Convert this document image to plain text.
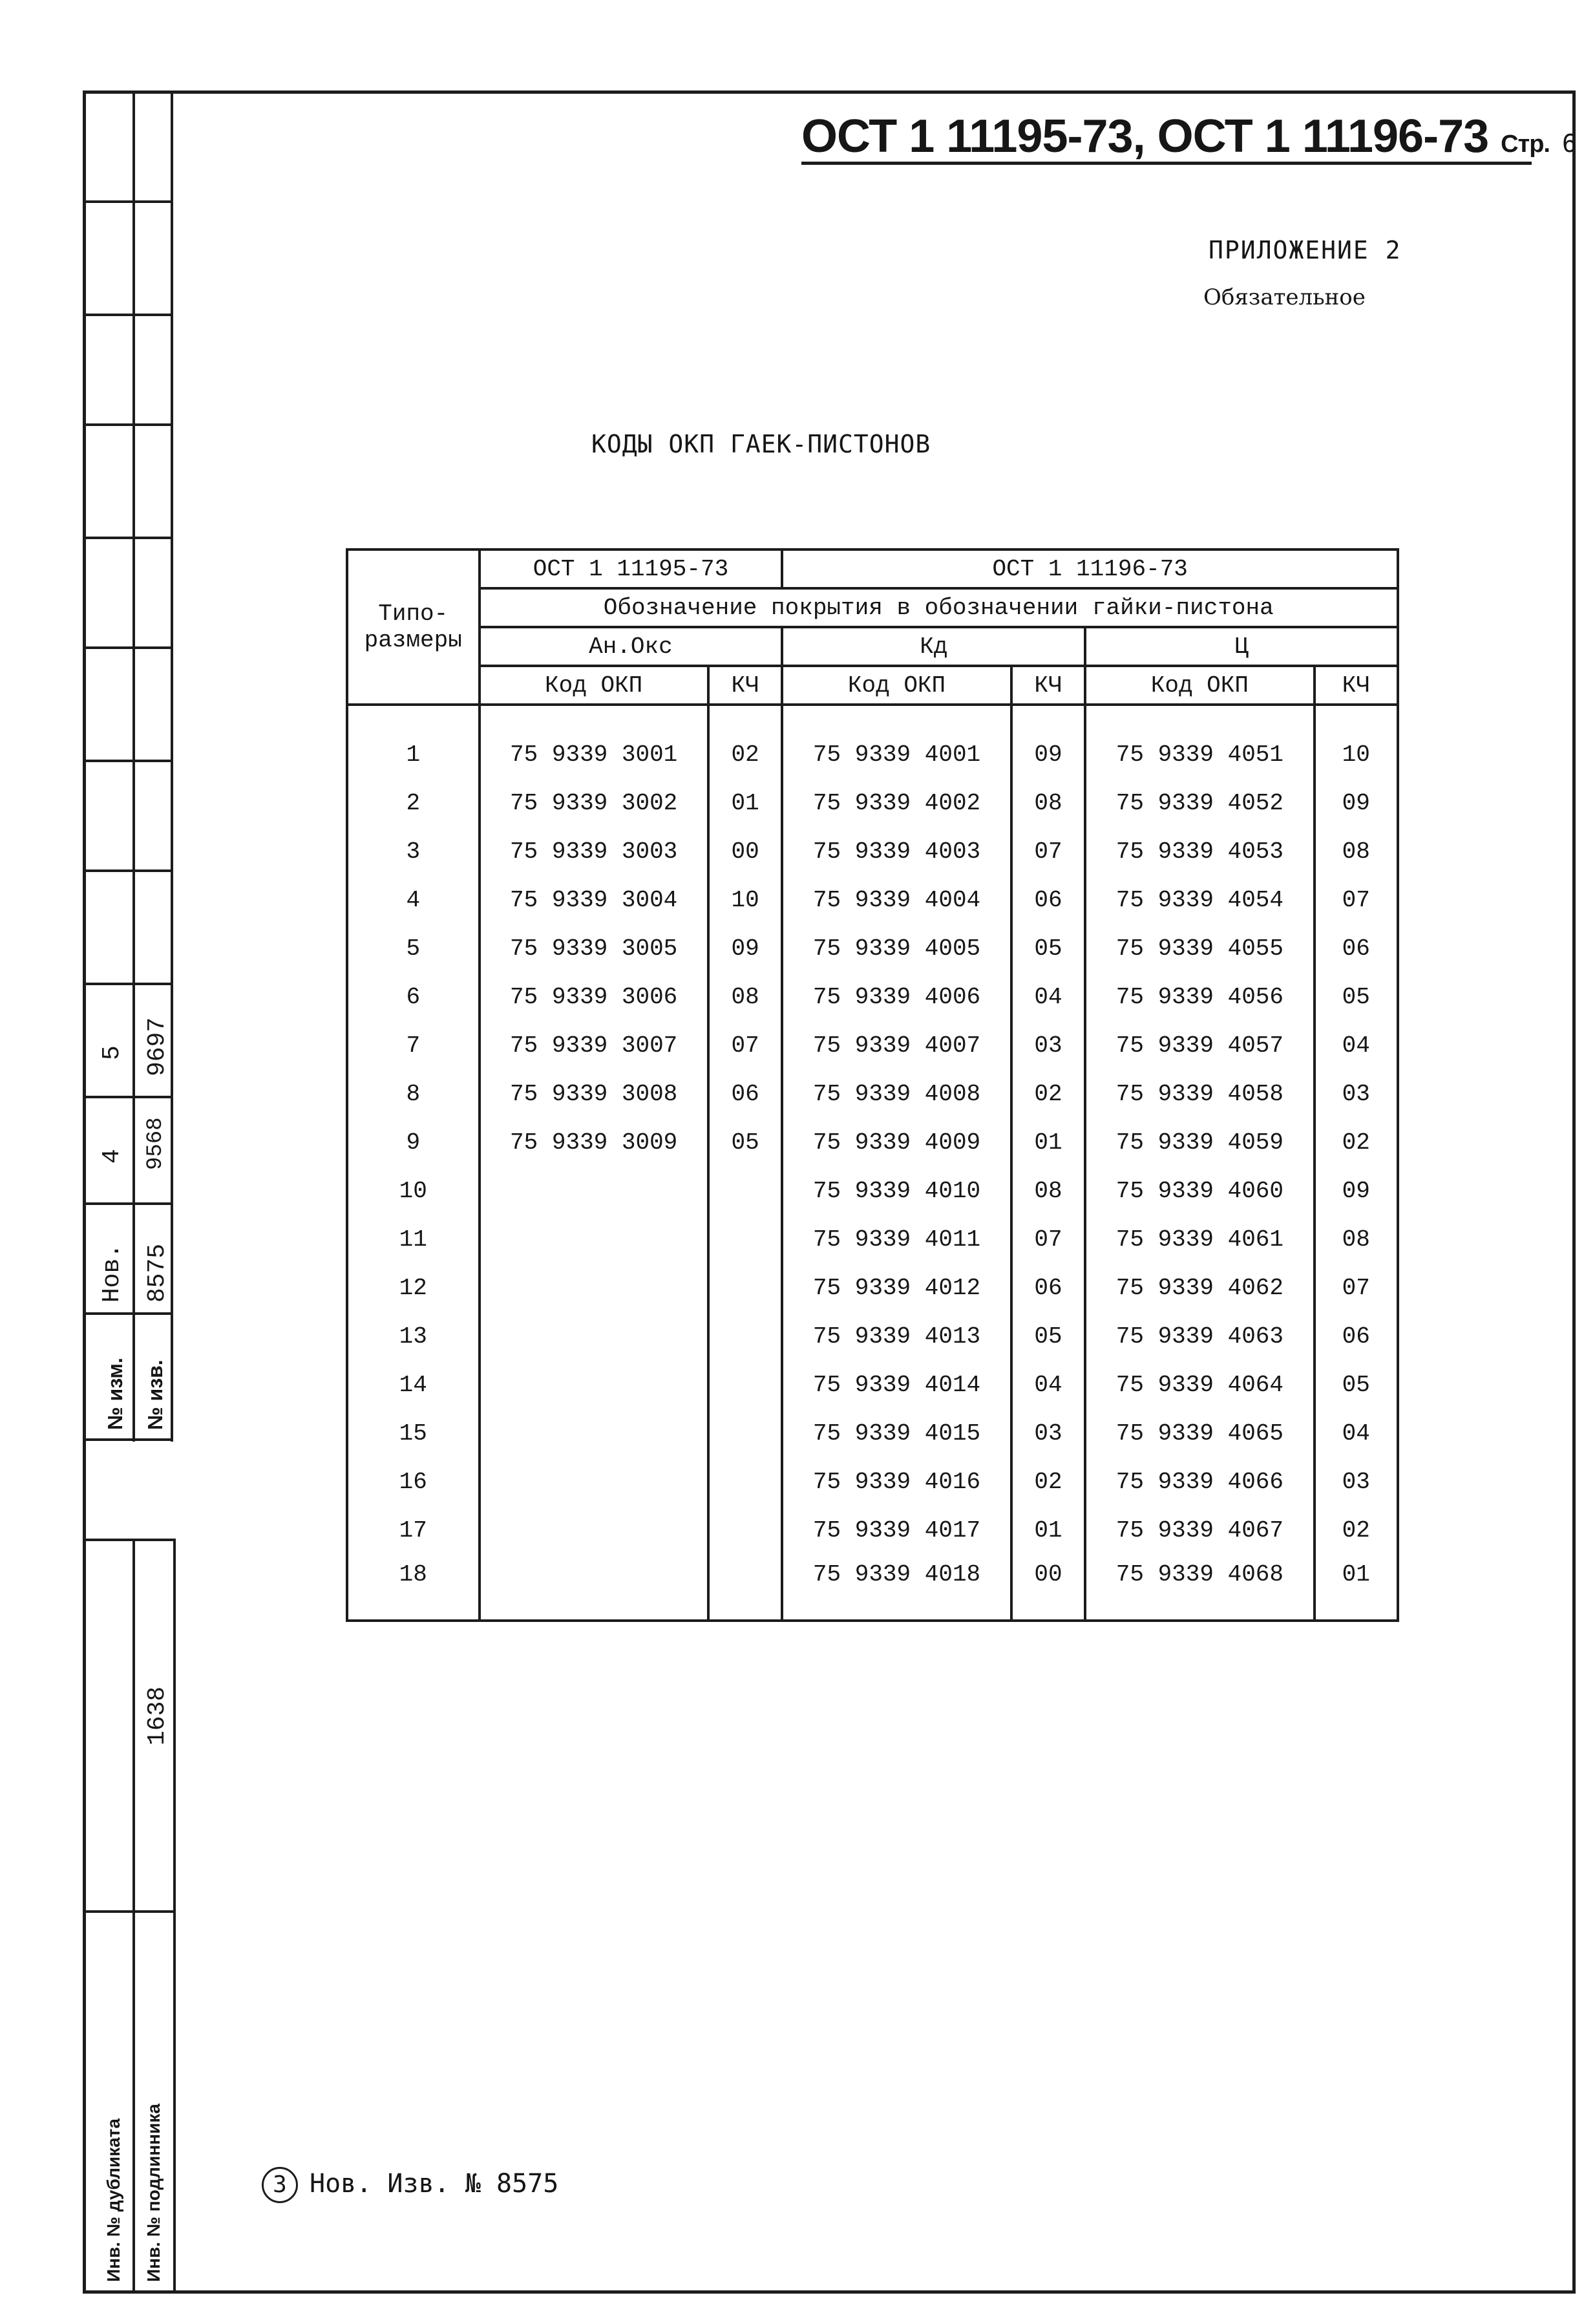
№ изм. № изв.
Нов. 8575
4 9568
5 9697
1638
Инв. № дубликата Инв. № подлинника
ОСТ 1 11195-73, ОСТ 1 11196-73 Стр. 6
ПРИЛОЖЕНИЕ 2
Обязательное
КОДЫ ОКП ГАЕК-ПИСТОНОВ
Типо- размеры	ОСТ 1 11195-73		ОСТ 1 11196-73			
	Обозначение покрытия в обозначении гайки-пистона					
	Ан.Окс		Кд		Ц	
	Код ОКП	КЧ	Код ОКП	КЧ	Код ОКП	КЧ

1	75 9339 3001	02	75 9339 4001	09	75 9339 4051	10
2	75 9339 3002	01	75 9339 4002	08	75 9339 4052	09
3	75 9339 3003	00	75 9339 4003	07	75 9339 4053	08
4	75 9339 3004	10	75 9339 4004	06	75 9339 4054	07
5	75 9339 3005	09	75 9339 4005	05	75 9339 4055	06
6	75 9339 3006	08	75 9339 4006	04	75 9339 4056	05
7	75 9339 3007	07	75 9339 4007	03	75 9339 4057	04
8	75 9339 3008	06	75 9339 4008	02	75 9339 4058	03
9	75 9339 3009	05	75 9339 4009	01	75 9339 4059	02
10			75 9339 4010	08	75 9339 4060	09
11			75 9339 4011	07	75 9339 4061	08
12			75 9339 4012	06	75 9339 4062	07
13			75 9339 4013	05	75 9339 4063	06
14			75 9339 4014	04	75 9339 4064	05
15			75 9339 4015	03	75 9339 4065	04
16			75 9339 4016	02	75 9339 4066	03
17			75 9339 4017	01	75 9339 4067	02
18			75 9339 4018	00	75 9339 4068	01
3 Нов. Изв. № 8575
